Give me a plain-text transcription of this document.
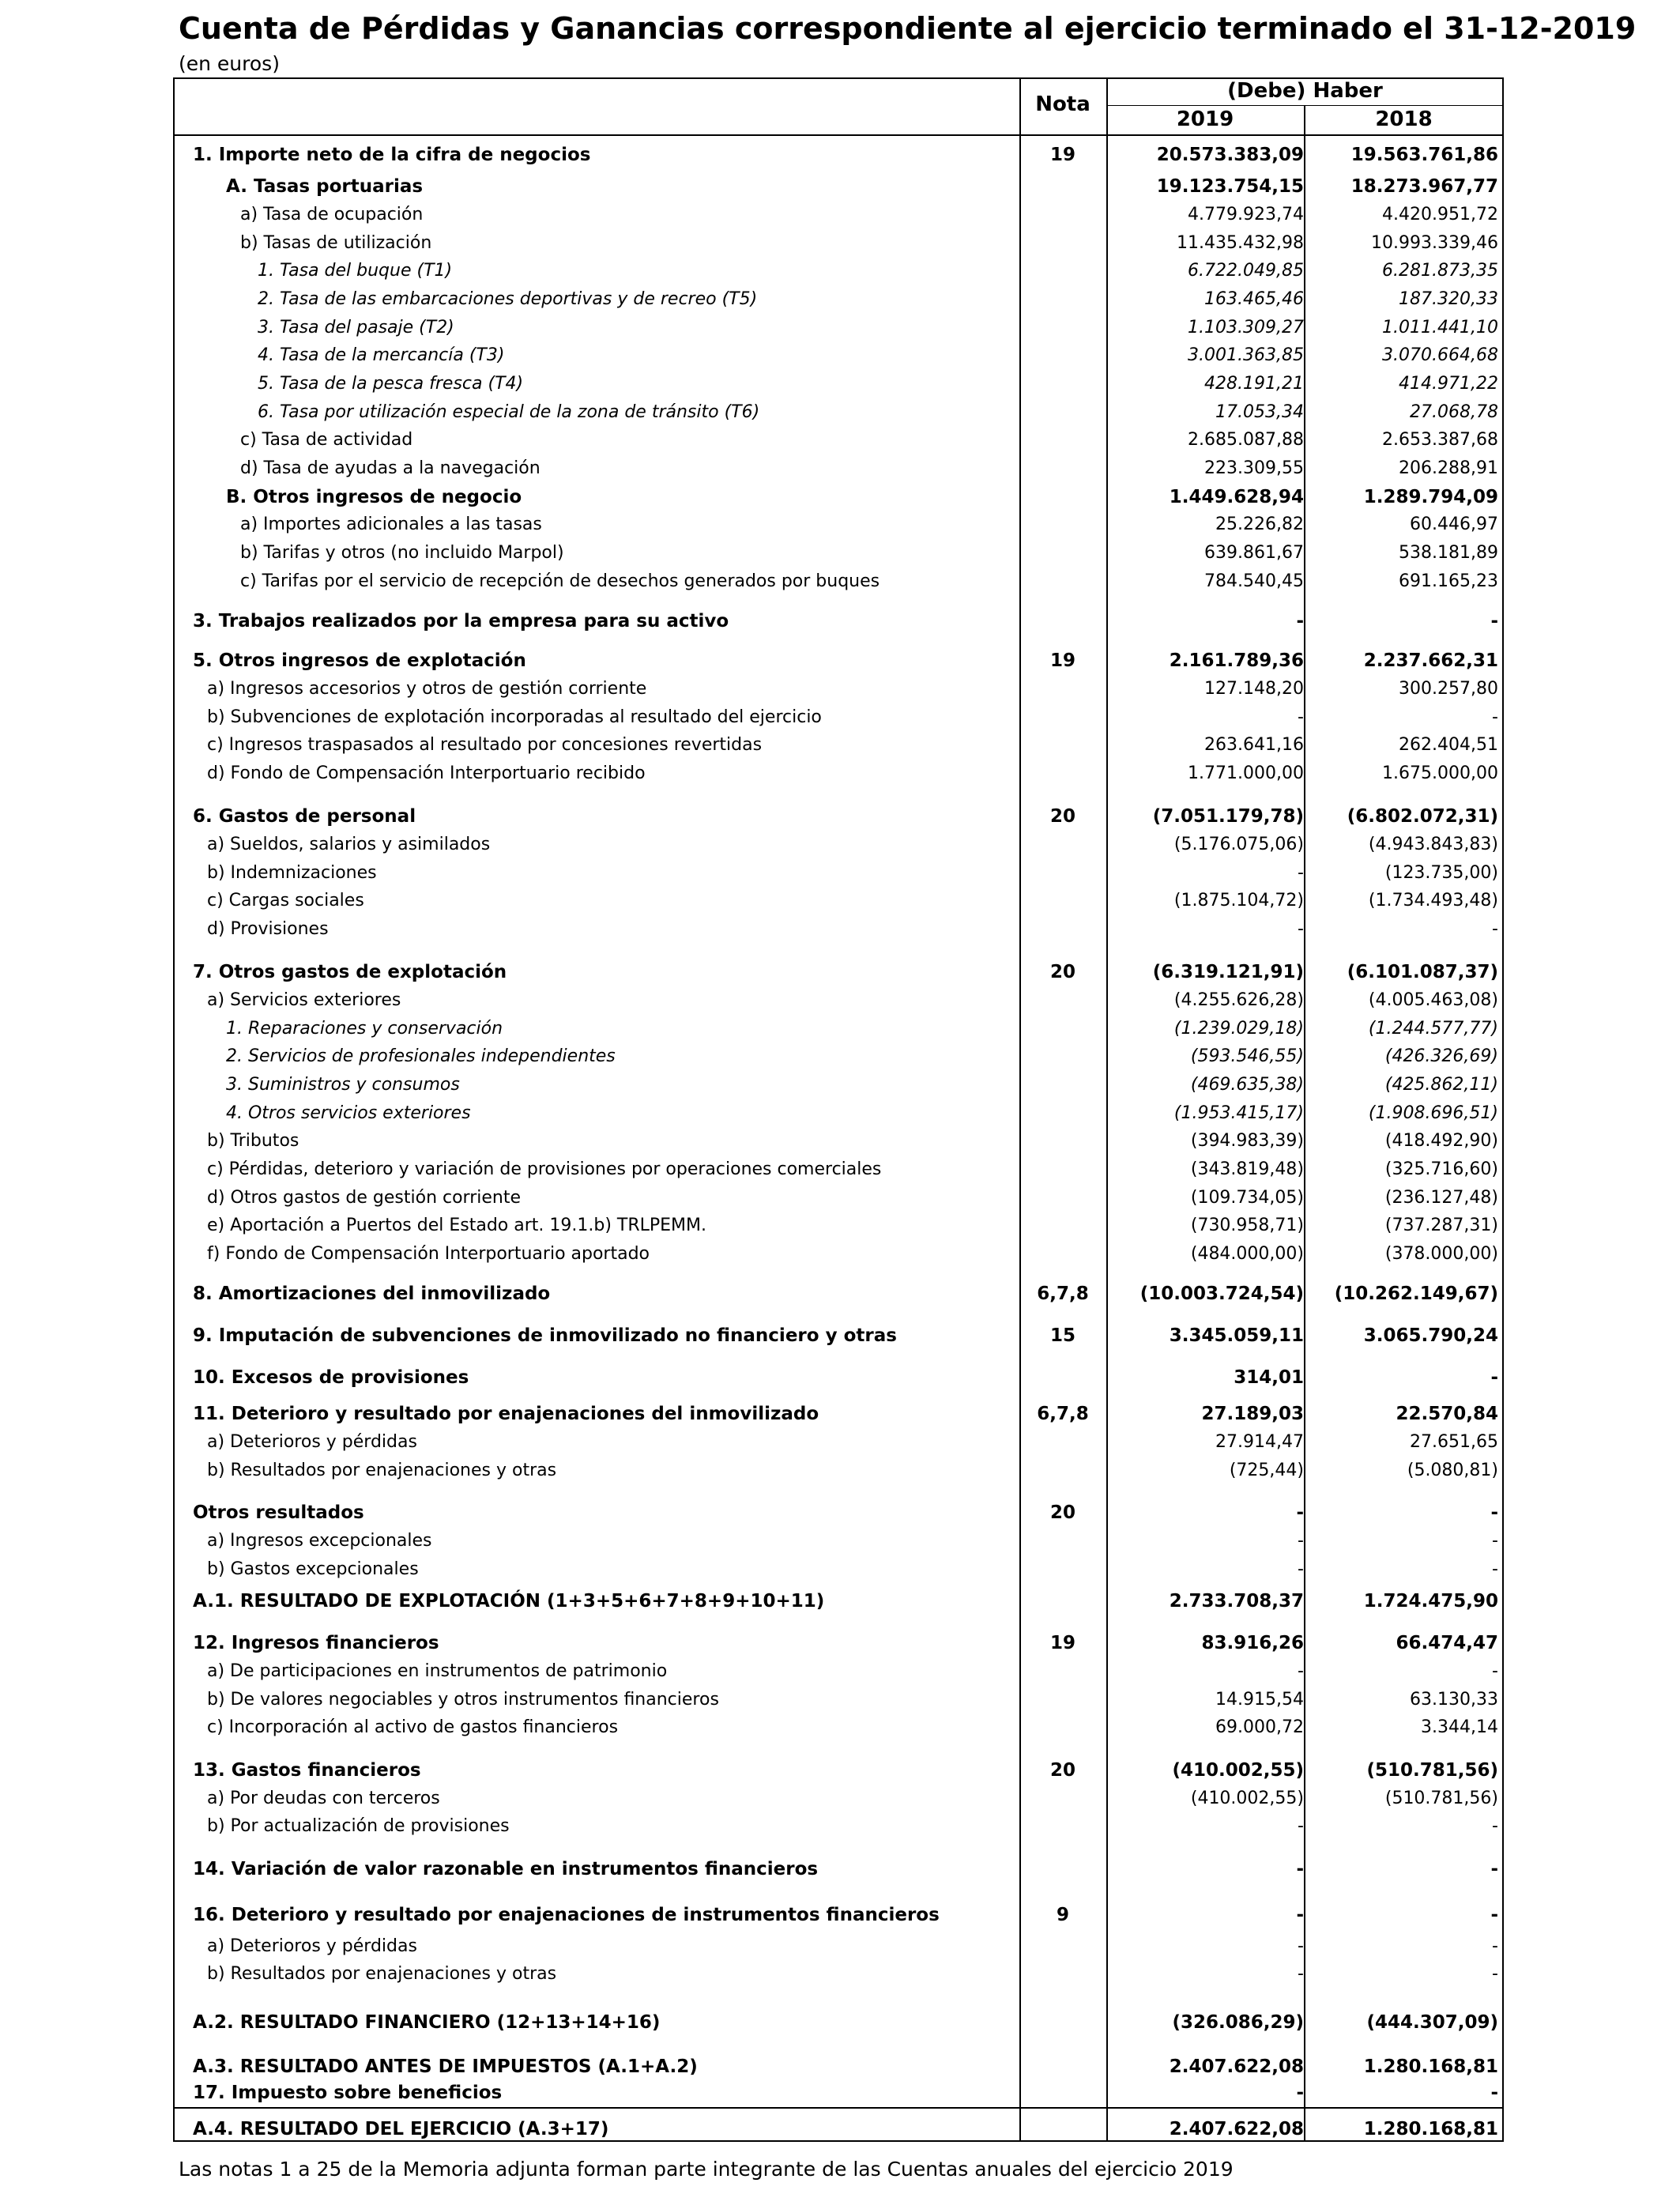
Cuenta de Pérdidas y Ganancias correspondiente al ejercicio terminado el 31-12-2019
(en euros)
Nota
(Debe) Haber
2019	2018
1. Importe neto de la cifra de negocios	19	20.573.383,09	19.563.761,86
A. Tasas portuarias	19.123.754,15	18.273.967,77
a) Tasa de ocupación	4.779.923,74	4.420.951,72
b) Tasas de utilización	11.435.432,98	10.993.339,46
1. Tasa del buque (T1)	6.722.049,85	6.281.873,35
2. Tasa de las embarcaciones deportivas y de recreo (T5)	163.465,46	187.320,33
3. Tasa del pasaje (T2)	1.103.309,27	1.011.441,10
4. Tasa de la mercancía (T3)	3.001.363,85	3.070.664,68
5. Tasa de la pesca fresca (T4)	428.191,21	414.971,22
6. Tasa por utilización especial de la zona de tránsito (T6)	17.053,34	27.068,78
c) Tasa de actividad	2.685.087,88	2.653.387,68
d) Tasa de ayudas a la navegación	223.309,55	206.288,91
B. Otros ingresos de negocio	1.449.628,94	1.289.794,09
a) Importes adicionales a las tasas	25.226,82	60.446,97
b) Tarifas y otros (no incluido Marpol)	639.861,67	538.181,89
c) Tarifas por el servicio de recepción de desechos generados por buques	784.540,45	691.165,23
3. Trabajos realizados por la empresa para su activo	-	-
5. Otros ingresos de explotación	19	2.161.789,36	2.237.662,31
a) Ingresos accesorios y otros de gestión corriente	127.148,20	300.257,80
b) Subvenciones de explotación incorporadas al resultado del ejercicio	-	-
c) Ingresos traspasados al resultado por concesiones revertidas	263.641,16	262.404,51
d) Fondo de Compensación Interportuario recibido	1.771.000,00	1.675.000,00
6. Gastos de personal	20	(7.051.179,78) (6.802.072,31)
a) Sueldos, salarios y asimilados	(5.176.075,06)	(4.943.843,83)
b) Indemnizaciones	-	(123.735,00)
c) Cargas sociales	(1.875.104,72)	(1.734.493,48)
d) Provisiones	-	-
7. Otros gastos de explotación	20	(6.319.121,91) (6.101.087,37)
a) Servicios exteriores	(4.255.626,28)	(4.005.463,08)
1. Reparaciones y conservación	(1.239.029,18)	(1.244.577,77)
2. Servicios de profesionales independientes	(593.546,55)	(426.326,69)
3. Suministros y consumos	(469.635,38)	(425.862,11)
4. Otros servicios exteriores	(1.953.415,17)	(1.908.696,51)
b) Tributos	(394.983,39)	(418.492,90)
c) Pérdidas, deterioro y variación de provisiones por operaciones comerciales	(343.819,48)	(325.716,60)
d) Otros gastos de gestión corriente	(109.734,05)	(236.127,48)
e) Aportación a Puertos del Estado art. 19.1.b) TRLPEMM.	(730.958,71)	(737.287,31)
f) Fondo de Compensación Interportuario aportado	(484.000,00)	(378.000,00)
8. Amortizaciones del inmovilizado	6,7,8	(10.003.724,54) (10.262.149,67)
9. Imputación de subvenciones de inmovilizado no financiero y otras	15	3.345.059,11	3.065.790,24
10. Excesos de provisiones	314,01	-
11. Deterioro y resultado por enajenaciones del inmovilizado	6,7,8	27.189,03	22.570,84
a) Deterioros y pérdidas	27.914,47	27.651,65
b) Resultados por enajenaciones y otras	(725,44)	(5.080,81)
Otros resultados	20	-	-
a) Ingresos excepcionales	-	-
b) Gastos excepcionales	-	-
A.1. RESULTADO DE EXPLOTACIÓN (1+3+5+6+7+8+9+10+11)	2.733.708,37	1.724.475,90
12. Ingresos financieros	19	83.916,26	66.474,47
a) De participaciones en instrumentos de patrimonio	-	-
b) De valores negociables y otros instrumentos financieros	14.915,54	63.130,33
c) Incorporación al activo de gastos financieros	69.000,72	3.344,14
13. Gastos financieros	20	(410.002,55)	(510.781,56)
a) Por deudas con terceros	(410.002,55)	(510.781,56)
b) Por actualización de provisiones	-	-
14. Variación de valor razonable en instrumentos financieros	-	-
16. Deterioro y resultado por enajenaciones de instrumentos financieros	9	-	-
a) Deterioros y pérdidas	-	-
b) Resultados por enajenaciones y otras	-	-
A.2. RESULTADO FINANCIERO (12+13+14+16)	(326.086,29)	(444.307,09)
A.3. RESULTADO ANTES DE IMPUESTOS (A.1+A.2)	2.407.622,08	1.280.168,81
17. Impuesto sobre beneficios	-	-
A.4. RESULTADO DEL EJERCICIO (A.3+17)	2.407.622,08	1.280.168,81
Las notas 1 a 25 de la Memoria adjunta forman parte integrante de las Cuentas anuales del ejercicio 2019
